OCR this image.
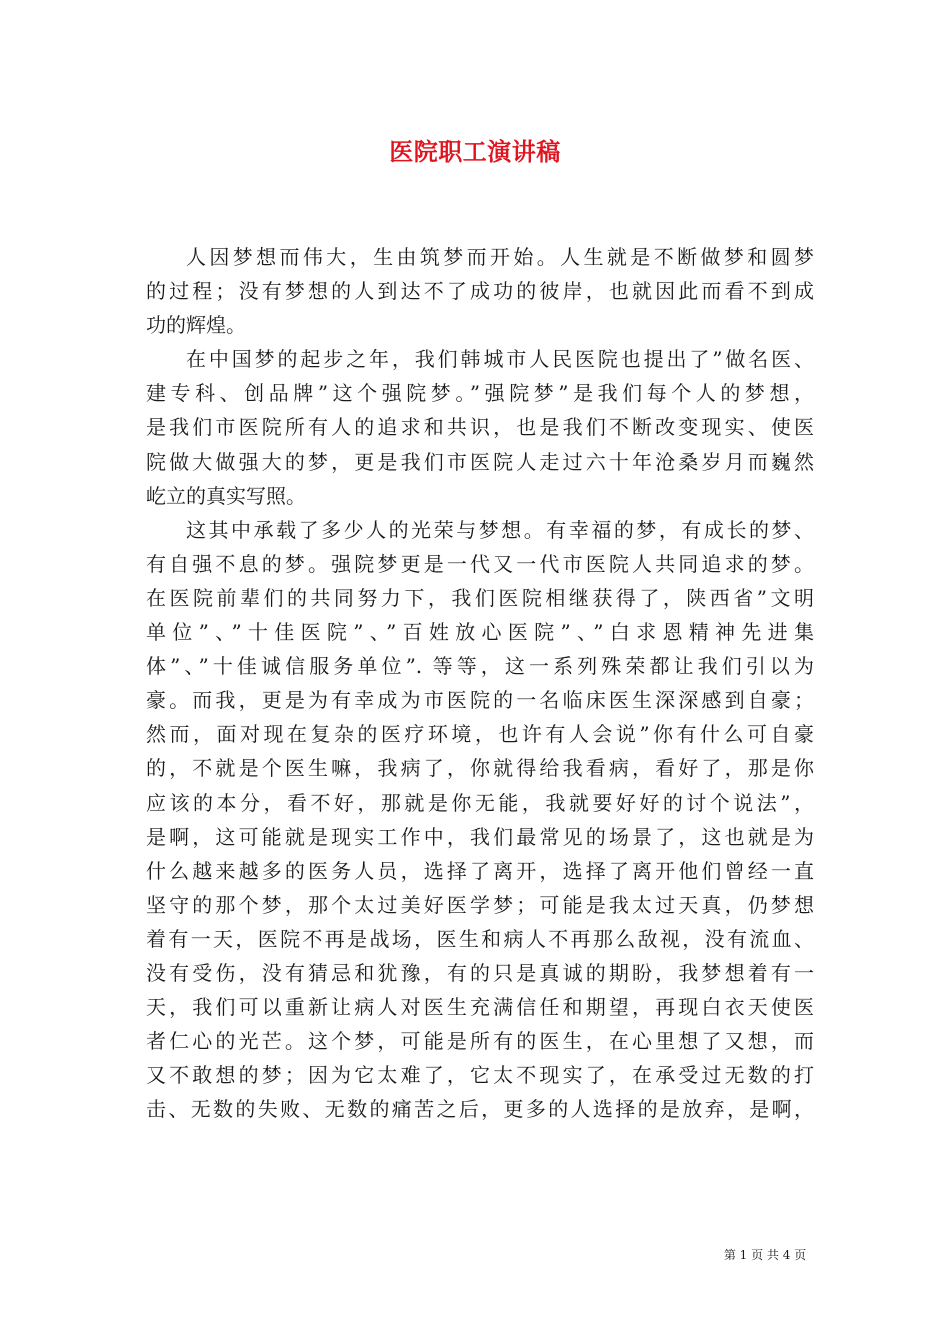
医院职工演讲稿
人因梦想而伟大，生由筑梦而开始。人生就是不断做梦和圆梦
的过程；没有梦想的人到达不了成功的彼岸，也就因此而看不到成
功的辉煌。
在中国梦的起步之年，我们韩城市人民医院也提出了”做名医、
建专科、创品牌”这个强院梦。”强院梦”是我们每个人的梦想，
是我们市医院所有人的追求和共识，也是我们不断改变现实、使医
院做大做强大的梦，更是我们市医院人走过六十年沧桑岁月而巍然
屹立的真实写照。
这其中承载了多少人的光荣与梦想。有幸福的梦，有成长的梦、
有自强不息的梦。强院梦更是一代又一代市医院人共同追求的梦。
在医院前辈们的共同努力下，我们医院相继获得了，陕西省”文明
单位”、”十佳医院”、”百姓放心医院”、”白求恩精神先进集
体”、”十佳诚信服务单位”. 等等，这一系列殊荣都让我们引以为
豪。而我，更是为有幸成为市医院的一名临床医生深深感到自豪；
然而，面对现在复杂的医疗环境，也许有人会说”你有什么可自豪
的，不就是个医生嘛，我病了，你就得给我看病，看好了，那是你
应该的本分，看不好，那就是你无能，我就要好好的讨个说法”，
是啊，这可能就是现实工作中，我们最常见的场景了，这也就是为
什么越来越多的医务人员，选择了离开，选择了离开他们曾经一直
坚守的那个梦，那个太过美好医学梦；可能是我太过天真，仍梦想
着有一天，医院不再是战场，医生和病人不再那么敌视，没有流血、
没有受伤，没有猜忌和犹豫，有的只是真诚的期盼，我梦想着有一
天，我们可以重新让病人对医生充满信任和期望，再现白衣天使医
者仁心的光芒。这个梦，可能是所有的医生，在心里想了又想，而
又不敢想的梦；因为它太难了，它太不现实了，在承受过无数的打
击、无数的失败、无数的痛苦之后，更多的人选择的是放弃，是啊，
第 1 页 共 4 页
